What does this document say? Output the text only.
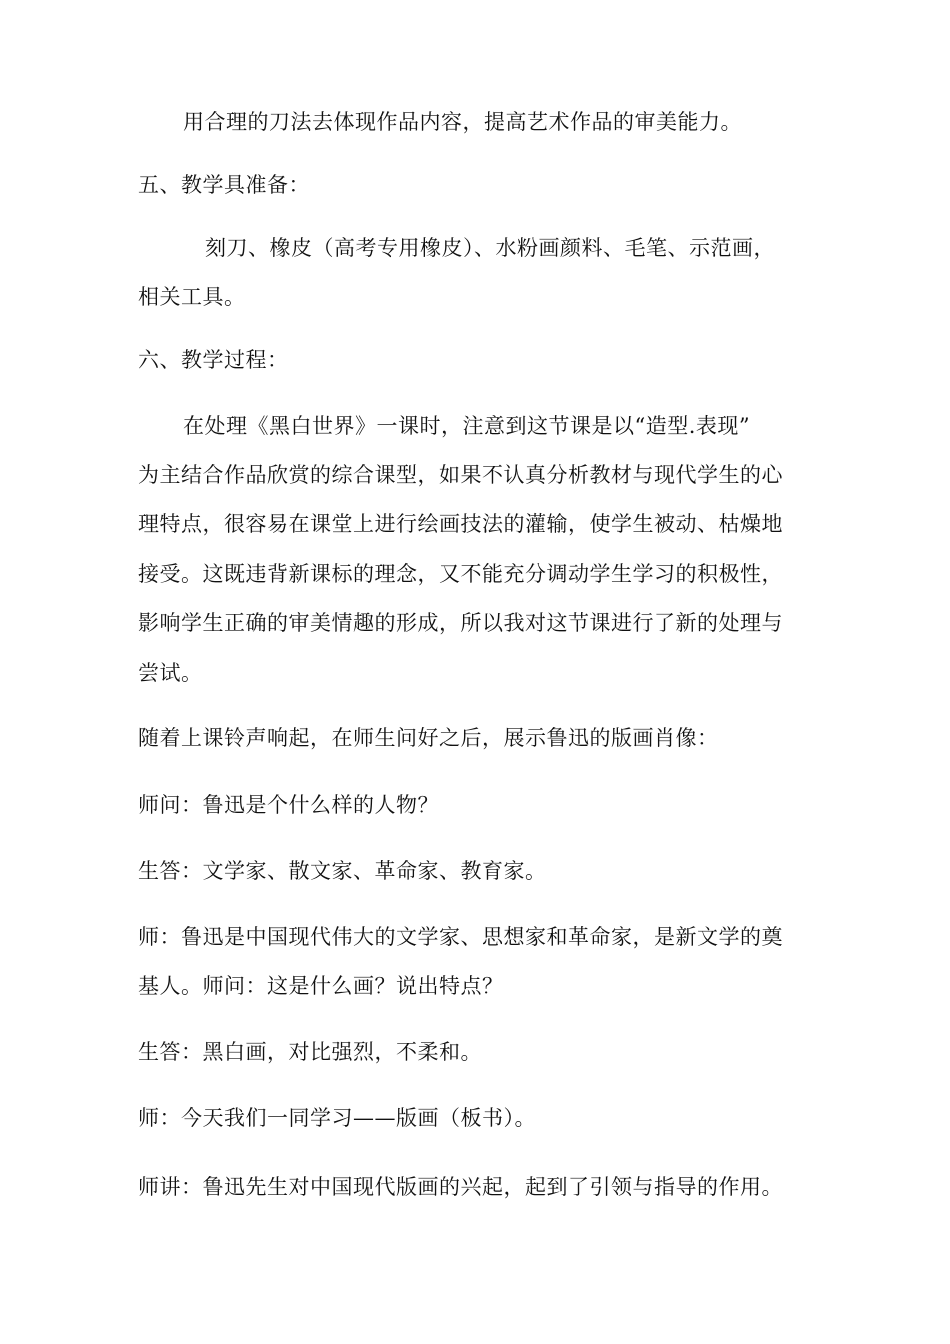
用合理的刀法去体现作品内容，提高艺术作品的审美能力。
五、教学具准备：
刻刀、橡皮（高考专用橡皮）、水粉画颜料、毛笔、示范画，
相关工具。
六、教学过程：
在处理《黑白世界》一课时，注意到这节课是以“造型.表现”
为主结合作品欣赏的综合课型，如果不认真分析教材与现代学生的心
理特点，很容易在课堂上进行绘画技法的灌输，使学生被动、枯燥地
接受。这既违背新课标的理念，又不能充分调动学生学习的积极性，
影响学生正确的审美情趣的形成，所以我对这节课进行了新的处理与
尝试。
随着上课铃声响起，在师生问好之后，展示鲁迅的版画肖像：
师问：鲁迅是个什么样的人物？
生答：文学家、散文家、革命家、教育家。
师：鲁迅是中国现代伟大的文学家、思想家和革命家，是新文学的奠
基人。师问：这是什么画？说出特点？
生答：黑白画，对比强烈，不柔和。
师：今天我们一同学习——版画（板书）。
师讲：鲁迅先生对中国现代版画的兴起，起到了引领与指导的作用。
